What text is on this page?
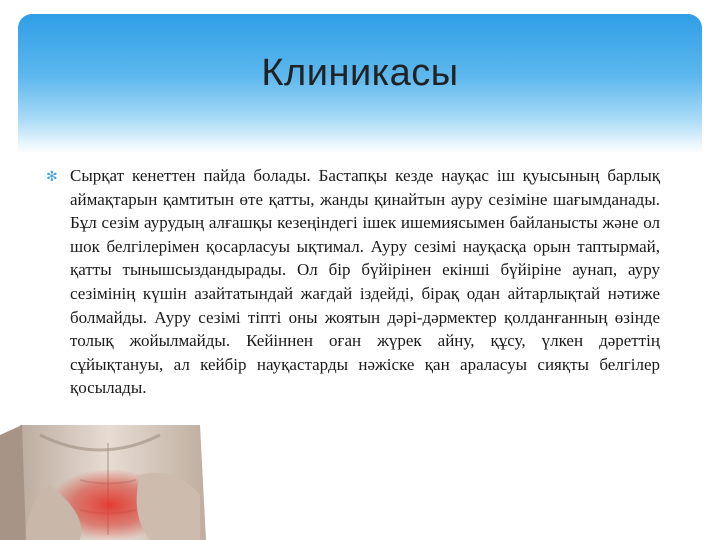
Клиникасы
✻ Сырқат кенеттен пайда болады. Бастапқы кезде науқас іш қуысының барлық аймақтарын қамтитын өте қатты, жанды қинайтын ауру сезіміне шағымданады. Бұл сезім аурудың алғашқы кезеңіндегі ішек ишемиясымен байланысты және ол шок белгілерімен қосарласуы ықтимал. Ауру сезімі науқасқа орын таптырмай, қатты тынышсыздандырады. Ол бір бүйірінен екінші бүйіріне аунап, ауру сезімінің күшін азайтатындай жағдай іздейді, бірақ одан айтарлықтай нәтиже болмайды. Ауру сезімі тіпті оны жоятын дәрі-дәрмектер қолданғанның өзінде толық жойылмайды. Кейіннен оған жүрек айну, құсу, үлкен дәреттің сұйықтануы, ал кейбір науқастарды нәжіске қан араласуы сияқты белгілер қосылады.
